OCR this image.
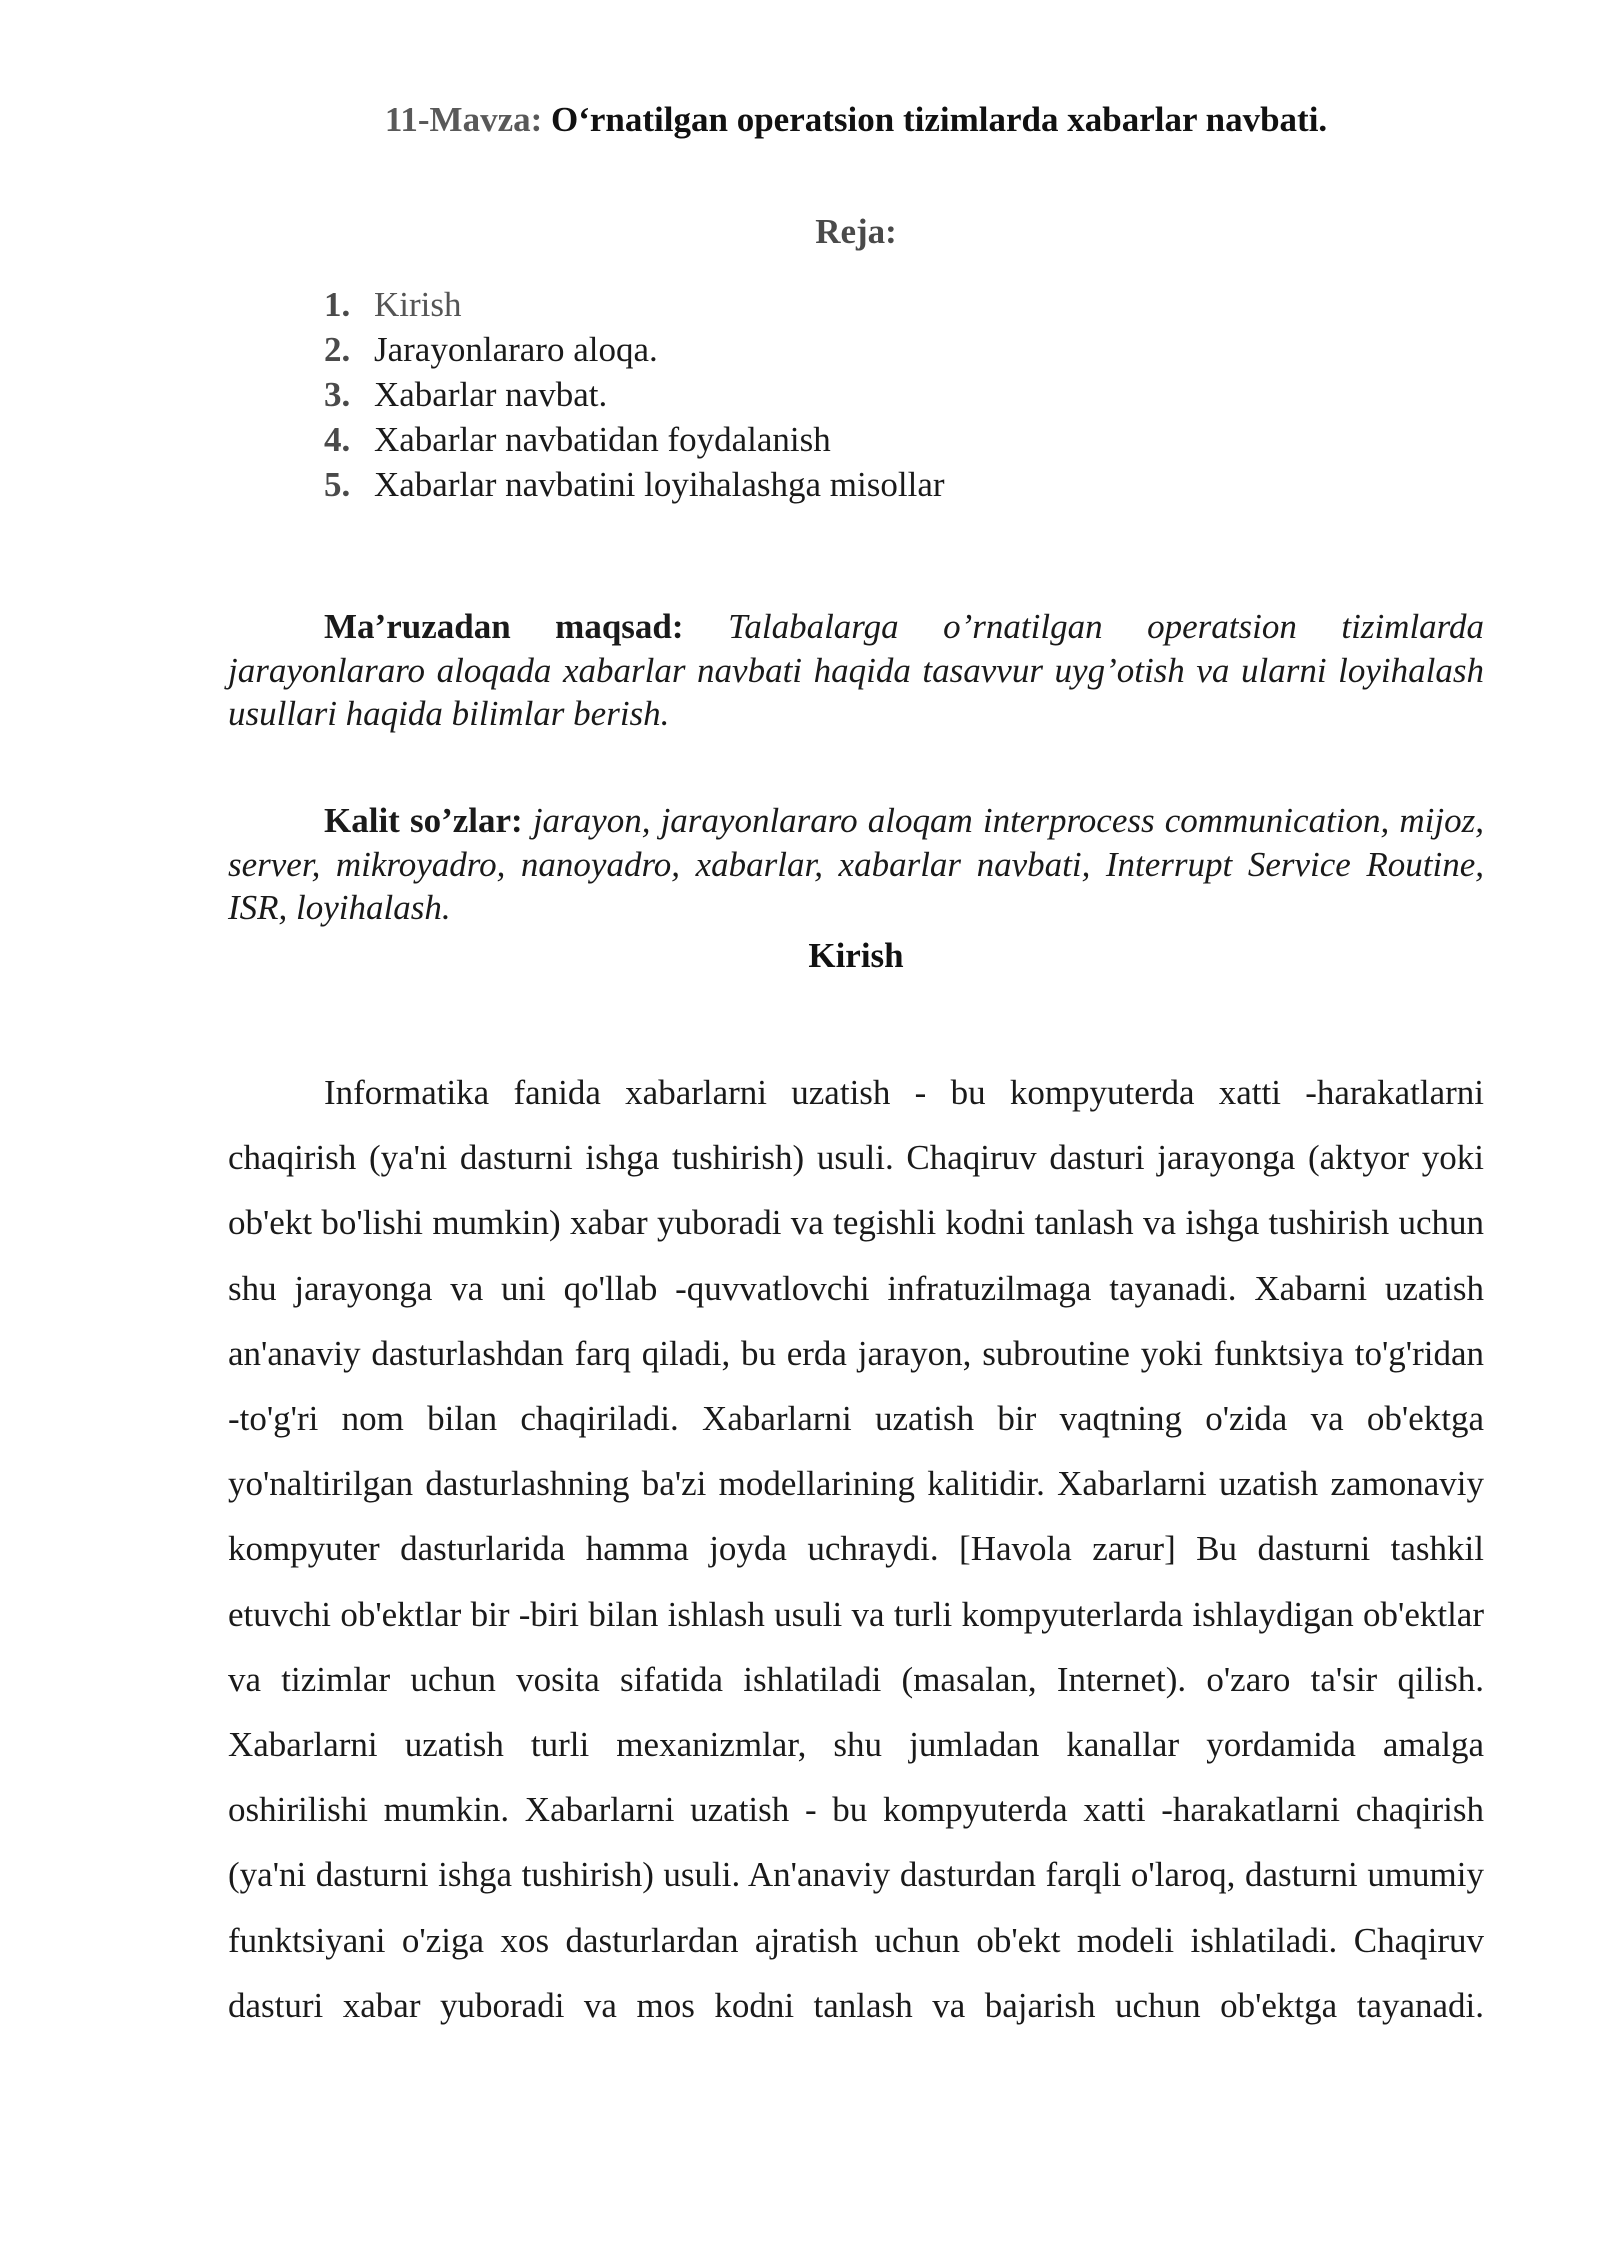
11-Mavza: O‘rnatilgan operatsion tizimlarda xabarlar navbati.
Reja:
1. Kirish
2. Jarayonlararo aloqa.
3. Xabarlar navbat.
4. Xabarlar navbatidan foydalanish
5. Xabarlar navbatini loyihalashga misollar

Ma’ruzadan maqsad: Talabalarga o’rnatilgan operatsion tizimlarda jarayonlararo aloqada xabarlar navbati haqida tasavvur uyg’otish va ularni loyihalash usullari haqida bilimlar berish.

Kalit so’zlar: jarayon, jarayonlararo aloqam interprocess communication, mijoz, server, mikroyadro, nanoyadro, xabarlar, xabarlar navbati, Interrupt Service Routine, ISR, loyihalash.

Kirish

Informatika fanida xabarlarni uzatish - bu kompyuterda xatti -harakatlarni chaqirish (ya'ni dasturni ishga tushirish) usuli. Chaqiruv dasturi jarayonga (aktyor yoki ob'ekt bo'lishi mumkin) xabar yuboradi va tegishli kodni tanlash va ishga tushirish uchun shu jarayonga va uni qo'llab -quvvatlovchi infratuzilmaga tayanadi. Xabarni uzatish an'anaviy dasturlashdan farq qiladi, bu erda jarayon, subroutine yoki funktsiya to'g'ridan -to'g'ri nom bilan chaqiriladi. Xabarlarni uzatish bir vaqtning o'zida va ob'ektga yo'naltirilgan dasturlashning ba'zi modellarining kalitidir. Xabarlarni uzatish zamonaviy kompyuter dasturlarida hamma joyda uchraydi. [Havola zarur] Bu dasturni tashkil etuvchi ob'ektlar bir -biri bilan ishlash usuli va turli kompyuterlarda ishlaydigan ob'ektlar va tizimlar uchun vosita sifatida ishlatiladi (masalan, Internet). o'zaro ta'sir qilish. Xabarlarni uzatish turli mexanizmlar, shu jumladan kanallar yordamida amalga oshirilishi mumkin. Xabarlarni uzatish - bu kompyuterda xatti -harakatlarni chaqirish (ya'ni dasturni ishga tushirish) usuli. An'anaviy dasturdan farqli o'laroq, dasturni umumiy funktsiyani o'ziga xos dasturlardan ajratish uchun ob'ekt modeli ishlatiladi. Chaqiruv dasturi xabar yuboradi va mos kodni tanlash va bajarish uchun ob'ektga tayanadi.
